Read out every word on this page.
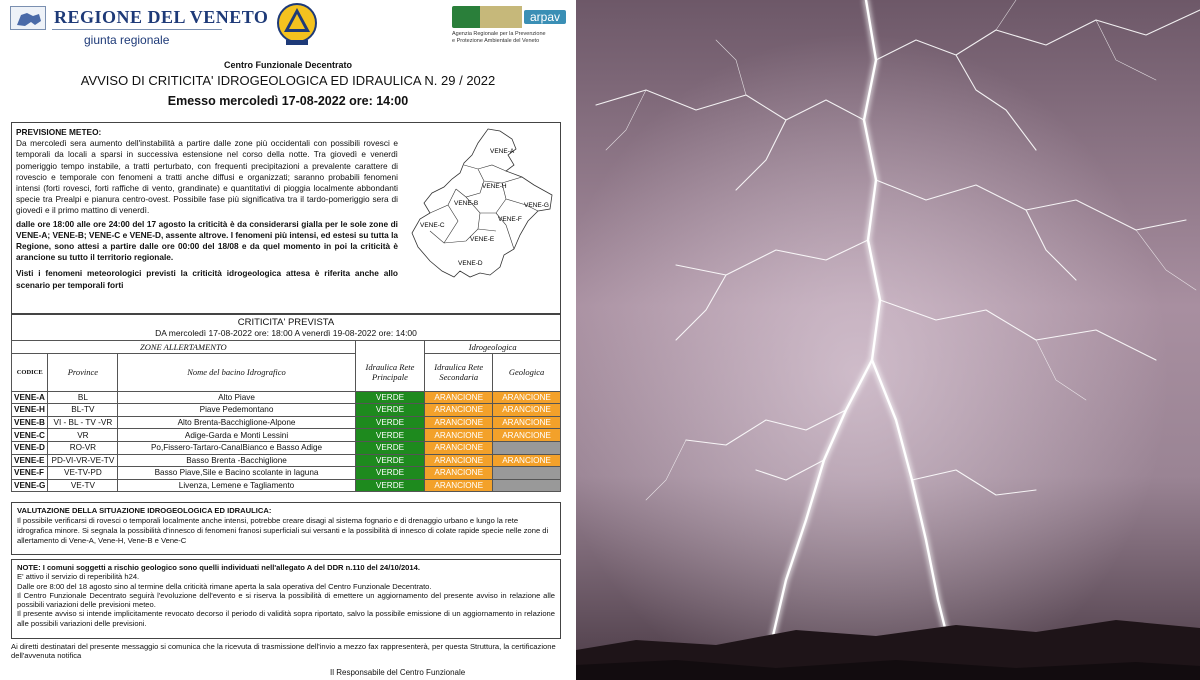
REGIONE DEL VENETO
giunta regionale
arpav
Agenzia Regionale per la Prevenzione
e Protezione Ambientale del Veneto
Centro Funzionale Decentrato
AVVISO DI CRITICITA' IDROGEOLOGICA ED IDRAULICA N. 29 / 2022
Emesso mercoledì 17-08-2022 ore: 14:00
PREVISIONE METEO:

Da mercoledì sera aumento dell'instabilità a partire dalle zone più occidentali con possibili rovesci e temporali da locali a sparsi in successiva estensione nel corso della notte. Tra giovedì e venerdì pomeriggio tempo instabile, a tratti perturbato, con frequenti precipitazioni a prevalente carattere di rovescio e temporale con fenomeni a tratti anche diffusi e organizzati; saranno probabili fenomeni intensi (forti rovesci, forti raffiche di vento, grandinate) e quantitativi di pioggia localmente abbondanti specie tra Prealpi e pianura centro-ovest. Possibile fase più significativa tra il tardo-pomeriggio sera di giovedì e il primo mattino di venerdì.

dalle ore 18:00 alle ore 24:00 del 17 agosto la criticità è da considerarsi gialla per le sole zone di VENE-A; VENE-B; VENE-C e VENE-D, assente altrove. I fenomeni più intensi, ed estesi su tutta la Regione, sono attesi a partire dalle ore 00:00 del 18/08 e da quel momento in poi la criticità è arancione su tutto il territorio regionale.

Visti i fenomeni meteorologici previsti la criticità idrogeologica attesa è riferita anche allo scenario per temporali forti

VENE-A
VENE-H
VENE-B	VENE-G
VENE-F
VENE-C
VENE-E
VENE-D
CRITICITA' PREVISTA
DA mercoledì 17-08-2022 ore: 18:00 A venerdì 19-08-2022 ore: 14:00
ZONE ALLERTAMENTO				Idrogeologica	
CODICE	Province	Nome del bacino Idrografico	Idraulica Rete Principale	Idraulica Rete Secondaria	Geologica
VENE-A	BL	Alto Piave	VERDE	ARANCIONE	ARANCIONE
VENE-H	BL-TV	Piave Pedemontano	VERDE	ARANCIONE	ARANCIONE
VENE-B	VI - BL - TV -VR	Alto Brenta-Bacchiglione-Alpone	VERDE	ARANCIONE	ARANCIONE
VENE-C	VR	Adige-Garda e Monti Lessini	VERDE	ARANCIONE	ARANCIONE
VENE-D	RO-VR	Po,Fissero-Tartaro-CanalBianco e Basso Adige	VERDE	ARANCIONE	
VENE-E	PD-VI-VR-VE-TV	Basso Brenta -Bacchiglione	VERDE	ARANCIONE	ARANCIONE
VENE-F	VE-TV-PD	Basso Piave,Sile e Bacino scolante in laguna	VERDE	ARANCIONE	
VENE-G	VE-TV	Livenza, Lemene e Tagliamento	VERDE	ARANCIONE	
VALUTAZIONE DELLA SITUAZIONE IDROGEOLOGICA ED IDRAULICA:
Il possibile verificarsi di rovesci o temporali localmente anche intensi, potrebbe creare disagi al sistema fognario e di drenaggio urbano e lungo la rete idrografica minore. Si segnala la possibilità d'innesco di fenomeni franosi superficiali sui versanti e la possibilità di innesco di colate rapide specie nelle zone di allertamento di Vene-A, Vene-H, Vene-B e Vene-C
NOTE: I comuni soggetti a rischio geologico sono quelli individuati nell'allegato A del DDR n.110 del 24/10/2014.
E' attivo il servizio di reperibilità h24.
Dalle ore 8:00 del 18 agosto sino al termine della criticità rimane aperta la sala operativa del Centro Funzionale Decentrato.
Il Centro Funzionale Decentrato seguirà l'evoluzione dell'evento e si riserva la possibilità di emettere un aggiornamento del presente avviso in relazione alle possibili variazioni delle previsioni meteo.
Il presente avviso si intende implicitamente revocato decorso il periodo di validità sopra riportato, salvo la possibile emissione di un aggiornamento in relazione alle possibili variazioni delle previsioni.
Ai diretti destinatari del presente messaggio si comunica che la ricevuta di trasmissione dell'invio a mezzo fax rappresenterà, per questa Struttura, la certificazione dell'avvenuta notifica
Il Responsabile del Centro Funzionale
